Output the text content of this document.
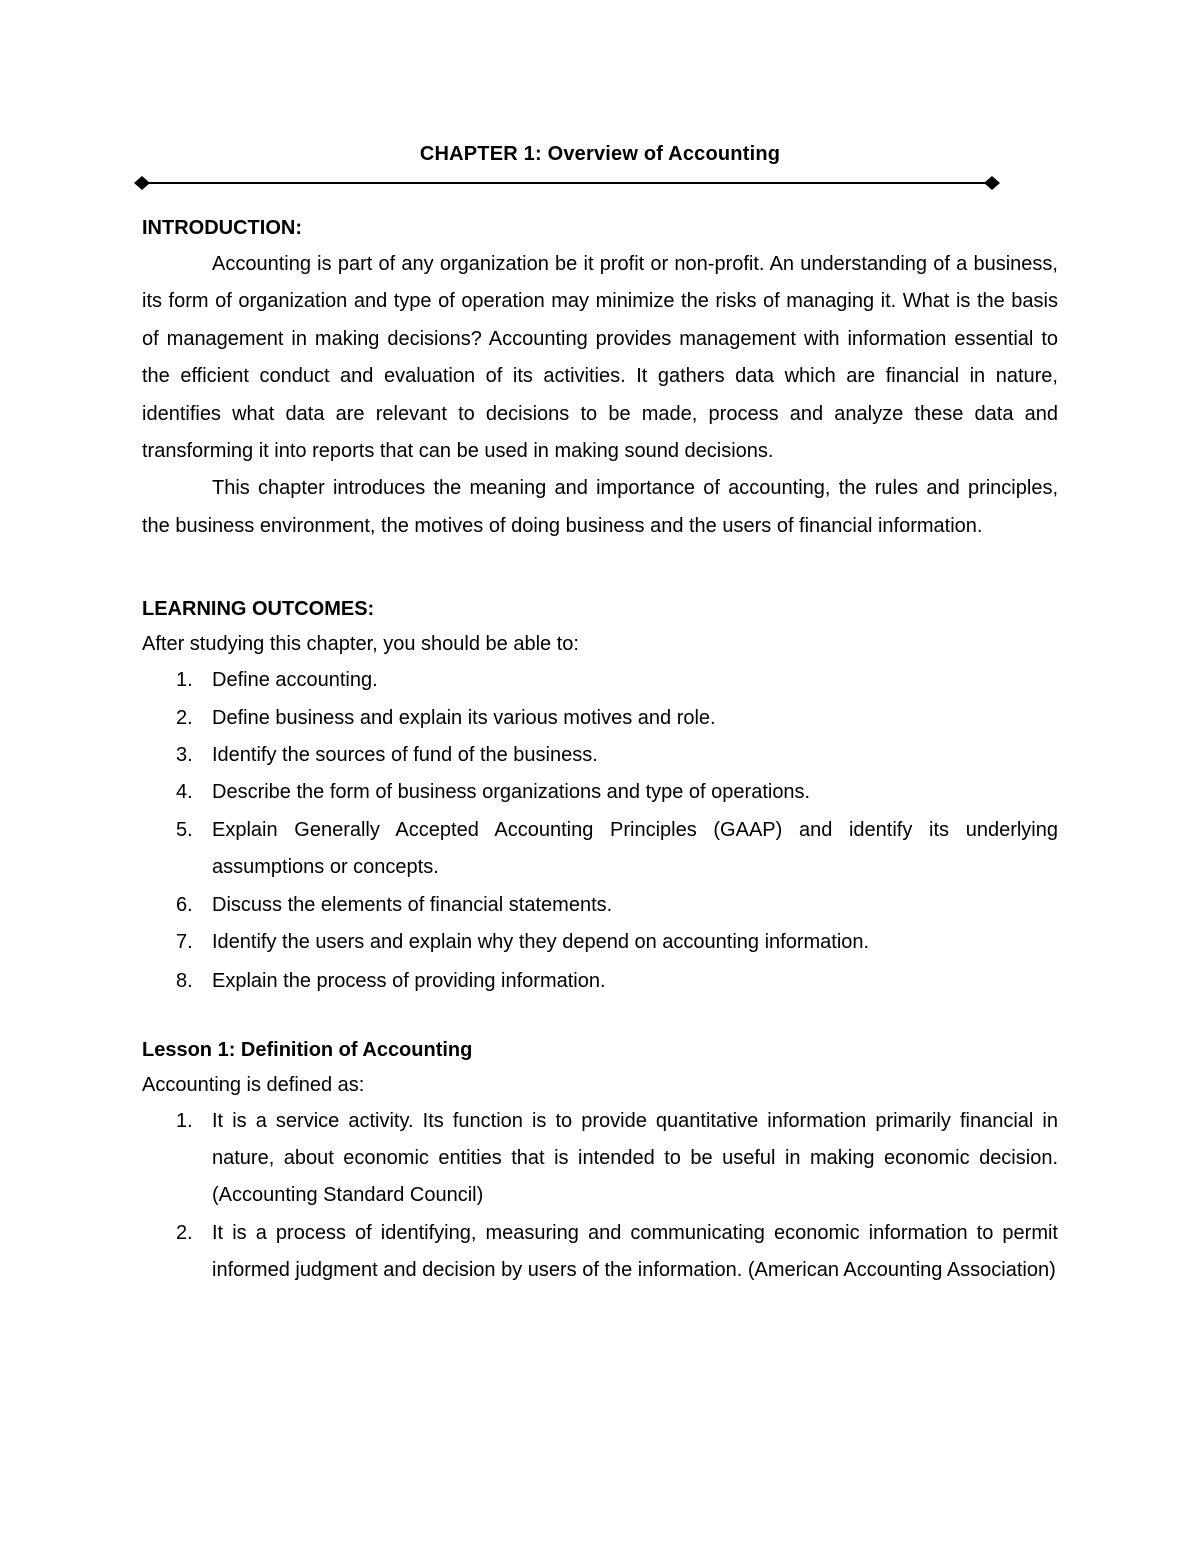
CHAPTER 1: Overview of Accounting

INTRODUCTION:

Accounting is part of any organization be it profit or non-profit. An understanding of a business, its form of organization and type of operation may minimize the risks of managing it. What is the basis of management in making decisions? Accounting provides management with information essential to the efficient conduct and evaluation of its activities. It gathers data which are financial in nature, identifies what data are relevant to decisions to be made, process and analyze these data and transforming it into reports that can be used in making sound decisions.

This chapter introduces the meaning and importance of accounting, the rules and principles, the business environment, the motives of doing business and the users of financial information.

LEARNING OUTCOMES:

After studying this chapter, you should be able to:

1. Define accounting.
2. Define business and explain its various motives and role.
3. Identify the sources of fund of the business.
4. Describe the form of business organizations and type of operations.
5. Explain Generally Accepted Accounting Principles (GAAP) and identify its underlying assumptions or concepts.
6. Discuss the elements of financial statements.
7. Identify the users and explain why they depend on accounting information.
8. Explain the process of providing information.

Lesson 1: Definition of Accounting

Accounting is defined as:

1. It is a service activity. Its function is to provide quantitative information primarily financial in nature, about economic entities that is intended to be useful in making economic decision. (Accounting Standard Council)
2. It is a process of identifying, measuring and communicating economic information to permit informed judgment and decision by users of the information. (American Accounting Association)
